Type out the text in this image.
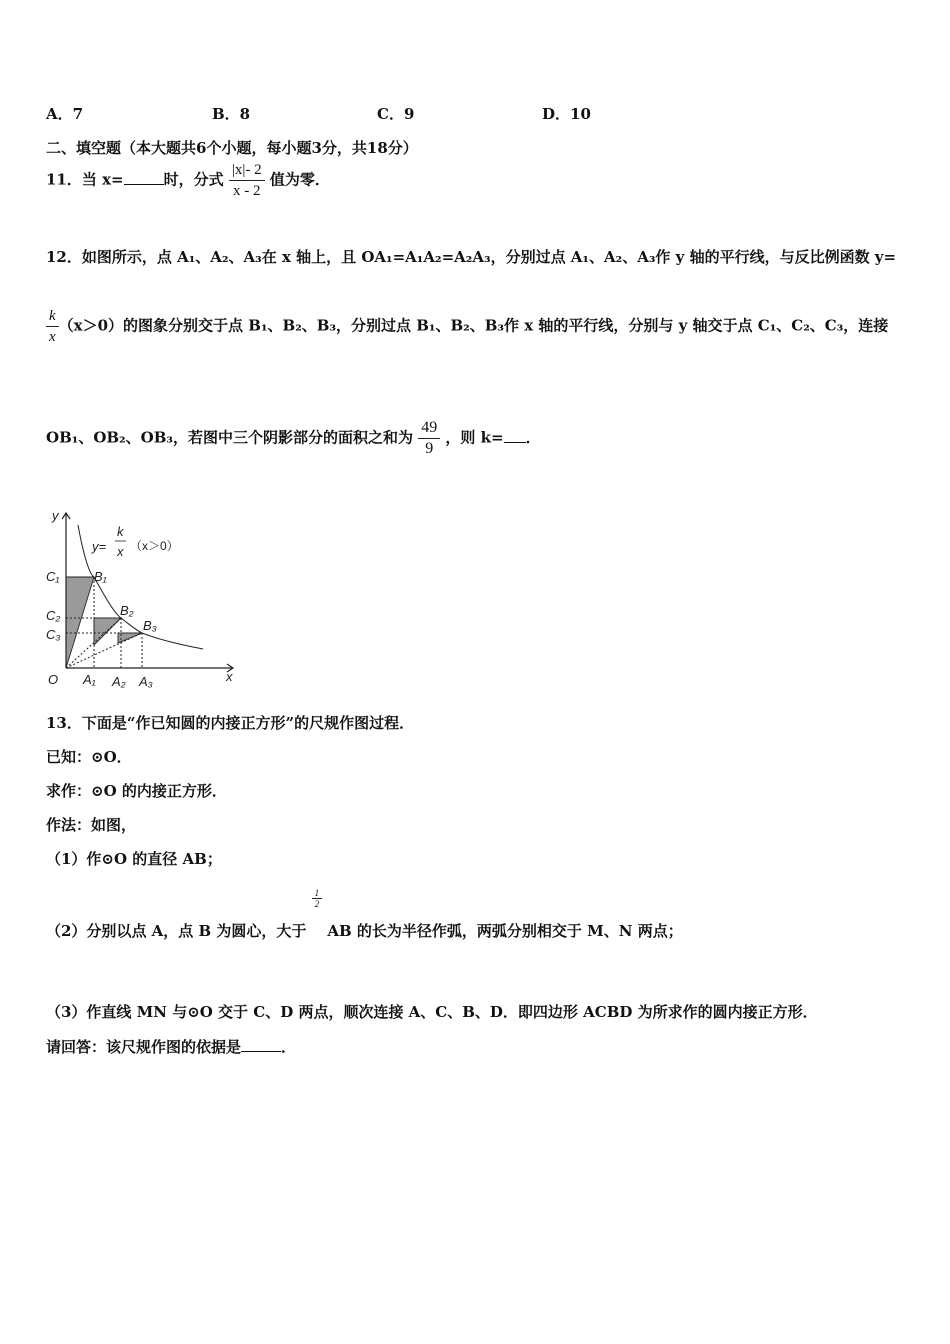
A．7	B．8	C．9	D．10
二、填空题（本大题共6个小题，每小题3分，共18分）
11．当 x=	时，分式 $\frac{|x|- 2}{x - 2}$ 值为零．
12．如图所示，点 A₁、A₂、A₃在 x 轴上，且 OA₁=A₁A₂=A₂A₃，分别过点 A₁、A₂、A₃作 y 轴的平行线，与反比例函数 y=
$\frac{k}{x} (x>0)$的图象分别交于点 B₁、B₂、B₃，分别过点 B₁、B₂、B₃作 x 轴的平行线，分别与 y 轴交于点 C₁、C₂、C₃，连接
OB₁、OB₂、OB₃，若图中三个阴影部分的面积之和为 $\frac{49}{9}$ ，则 k= ．
y
x
O
C₁
C₂
C₃
B₁
B₂
B₃
A₁ A₂ A₃
y=
k
x （x＞0）
13．下面是“作已知圆的内接正方形”的尺规作图过程．
已知：⊙O．
求作：⊙O 的内接正方形．
作法：如图，
（1）作⊙O 的直径 AB；
（2）分别以点 A，点 B 为圆心，大于
$\frac{1}{2}$
AB 的长为半径作弧，两弧分别相交于 M、N 两点；
（3）作直线 MN 与⊙O 交于 C、D 两点，顺次连接 A、C、B、D．即四边形 ACBD 为所求作的圆内接正方形．
请回答：该尺规作图的依据是	．
